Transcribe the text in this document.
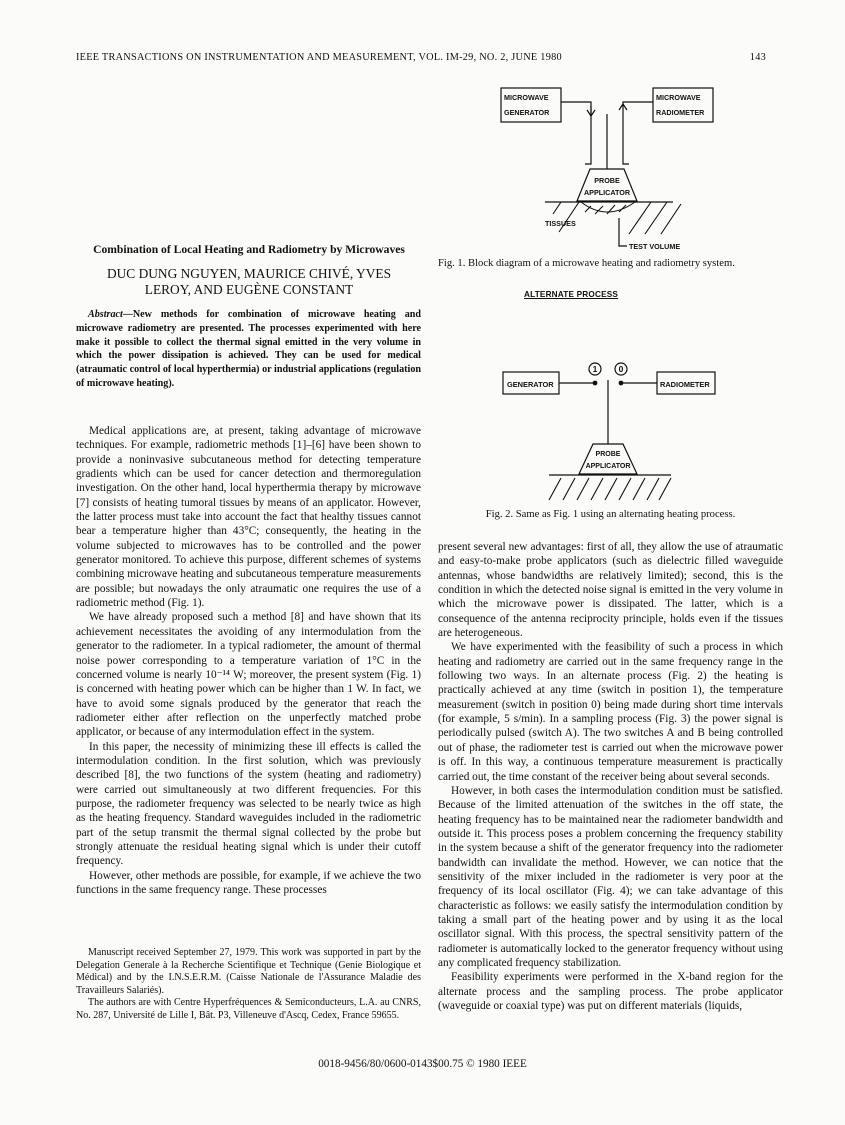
IEEE TRANSACTIONS ON INSTRUMENTATION AND MEASUREMENT, VOL. IM-29, NO. 2, JUNE 1980	143
MICROWAVE
GENERATOR
MICROWAVE
RADIOMETER
PROBE
APPLICATOR
TISSUES
TEST VOLUME
Fig. 1. Block diagram of a microwave heating and radiometry system.
Combination of Local Heating and Radiometry by Microwaves
DUC DUNG NGUYEN, MAURICE CHIVÉ, YVES
LEROY, AND EUGÈNE CONSTANT	ALTERNATE PROCESS
1	0
GENERATOR	RADIOMETER
PROBE
APPLICATOR
Fig. 2. Same as Fig. 1 using an alternating heating process.
Abstract—New methods for combination of microwave heating and microwave radiometry are presented. The processes experimented with here make it possible to collect the thermal signal emitted in the very volume in which the power dissipation is achieved. They can be used for medical (atraumatic control of local hyperthermia) or industrial applications (regulation of microwave heating).

Medical applications are, at present, taking advantage of microwave techniques. For example, radiometric methods [1]–[6] have been shown to provide a noninvasive subcutaneous method for detecting temperature gradients which can be used for cancer detection and thermoregulation investigation. On the other hand, local hyperthermia therapy by microwave [7] consists of heating tumoral tissues by means of an applicator. However, the latter process must take into account the fact that healthy tissues cannot bear a temperature higher than 43°C; consequently, the heating in the volume subjected to microwaves has to be controlled and the power generator monitored. To achieve this purpose, different schemes of systems combining microwave heating and subcutaneous temperature measurements are possible; but nowadays the only atraumatic one requires the use of a radiometric method (Fig. 1).

We have already proposed such a method [8] and have shown that its achievement necessitates the avoiding of any intermodulation from the generator to the radiometer. In a typical radiometer, the amount of thermal noise power corresponding to a temperature variation of 1°C in the concerned volume is nearly 10⁻¹⁴ W; moreover, the present system (Fig. 1) is concerned with heating power which can be higher than 1 W. In fact, we have to avoid some signals produced by the generator that reach the radiometer either after reflection on the unperfectly matched probe applicator, or because of any intermodulation effect in the system.

In this paper, the necessity of minimizing these ill effects is called the intermodulation condition. In the first solution, which was previously described [8], the two functions of the system (heating and radiometry) were carried out simultaneously at two different frequencies. For this purpose, the radiometer frequency was selected to be nearly twice as high as the heating frequency. Standard waveguides included in the radiometric part of the setup transmit the thermal signal collected by the probe but strongly attenuate the residual heating signal which is under their cutoff frequency.

However, other methods are possible, for example, if we achieve the two functions in the same frequency range. These processes

Manuscript received September 27, 1979. This work was supported in part by the Delegation Generale à la Recherche Scientifique et Technique (Genie Biologique et Médical) and by the I.N.S.E.R.M. (Caisse Nationale de l'Assurance Maladie des Travailleurs Salariés).

The authors are with Centre Hyperfréquences & Semiconducteurs, L.A. au CNRS, No. 287, Université de Lille I, Bât. P3, Villeneuve d'Ascq, Cedex, France 59655.

present several new advantages: first of all, they allow the use of atraumatic and easy-to-make probe applicators (such as dielectric filled waveguide antennas, whose bandwidths are relatively limited); second, this is the condition in which the detected noise signal is emitted in the very volume in which the microwave power is dissipated. The latter, which is a consequence of the antenna reciprocity principle, holds even if the tissues are heterogeneous.

We have experimented with the feasibility of such a process in which heating and radiometry are carried out in the same frequency range in the following two ways. In an alternate process (Fig. 2) the heating is practically achieved at any time (switch in position 1), the temperature measurement (switch in position 0) being made during short time intervals (for example, 5 s/min). In a sampling process (Fig. 3) the power signal is periodically pulsed (switch A). The two switches A and B being controlled out of phase, the radiometer test is carried out when the microwave power is off. In this way, a continuous temperature measurement is practically carried out, the time constant of the receiver being about several seconds.

However, in both cases the intermodulation condition must be satisfied. Because of the limited attenuation of the switches in the off state, the heating frequency has to be maintained near the radiometer bandwidth and outside it. This process poses a problem concerning the frequency stability in the system because a shift of the generator frequency into the radiometer bandwidth can invalidate the method. However, we can notice that the sensitivity of the mixer included in the radiometer is very poor at the frequency of its local oscillator (Fig. 4); we can take advantage of this characteristic as follows: we easily satisfy the intermodulation condition by taking a small part of the heating power and by using it as the local oscillator signal. With this process, the spectral sensitivity pattern of the radiometer is automatically locked to the generator frequency without using any complicated frequency stabilization.

Feasibility experiments were performed in the X-band region for the alternate process and the sampling process. The probe applicator (waveguide or coaxial type) was put on different materials (liquids,

0018-9456/80/0600-0143$00.75 © 1980 IEEE
